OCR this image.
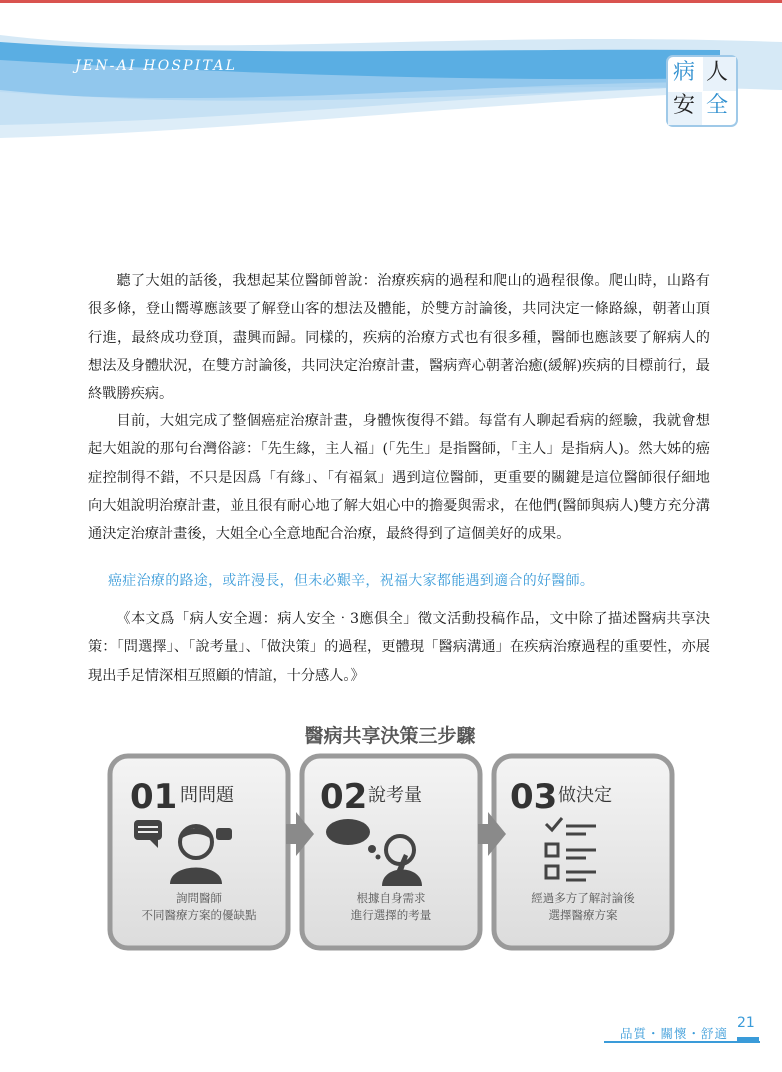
JEN-AI HOSPITAL	病 人
安 全

聽了大姐的話後，我想起某位醫師曾說：治療疾病的過程和爬山的過程很像。爬山時，山路有很多條，登山嚮導應該要了解登山客的想法及體能，於雙方討論後，共同決定一條路線，朝著山頂行進，最終成功登頂，盡興而歸。同樣的，疾病的治療方式也有很多種，醫師也應該要了解病人的想法及身體狀況，在雙方討論後，共同決定治療計畫，醫病齊心朝著治癒(緩解)疾病的目標前行，最終戰勝疾病。

目前，大姐完成了整個癌症治療計畫，身體恢復得不錯。每當有人聊起看病的經驗，我就會想起大姐說的那句台灣俗諺：「先生緣，主人福」(「先生」是指醫師，「主人」是指病人)。然大姊的癌症控制得不錯，不只是因爲「有緣」、「有福氣」遇到這位醫師，更重要的關鍵是這位醫師很仔細地向大姐說明治療計畫，並且很有耐心地了解大姐心中的擔憂與需求，在他們(醫師與病人)雙方充分溝通決定治療計畫後，大姐全心全意地配合治療，最終得到了這個美好的成果。

癌症治療的路途，或許漫長，但未必艱辛，祝福大家都能遇到適合的好醫師。

《本文爲「病人安全週：病人安全‧3應俱全」徵文活動投稿作品，文中除了描述醫病共享決策：「問選擇」、「說考量」、「做決策」的過程，更體現「醫病溝通」在疾病治療過程的重要性，亦展現出手足情深相互照顧的情誼，十分感人。》

醫病共享決策三步驟
01 問問題
詢問醫師
不同醫療方案的優缺點
02 說考量
根據自身需求
進行選擇的考量
03 做決定
經過多方了解討論後
選擇醫療方案
品質・關懷・舒適
21
